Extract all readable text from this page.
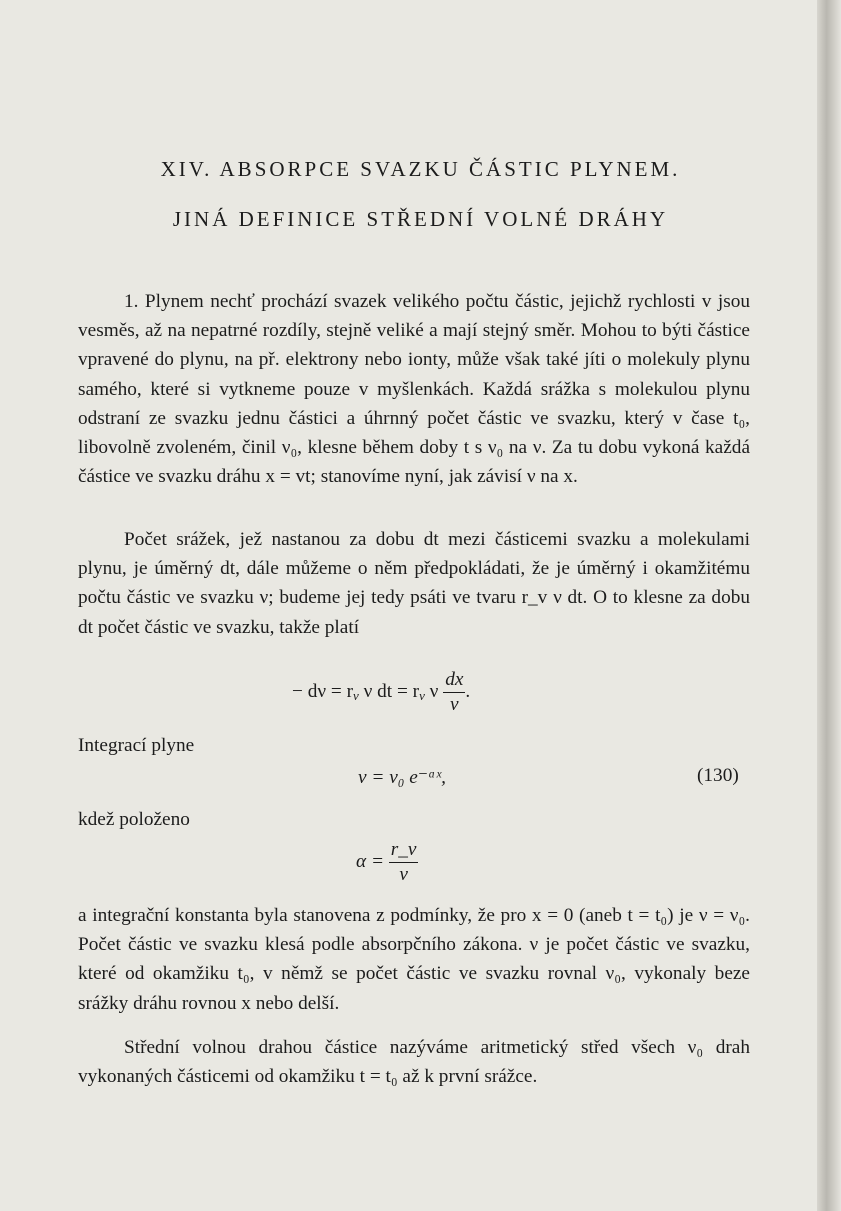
XIV. ABSORPCE SVAZKU ČÁSTIC PLYNEM.
JINÁ DEFINICE STŘEDNÍ VOLNÉ DRÁHY

1. Plynem nechť prochází svazek velikého počtu částic, jejichž rychlosti v jsou vesměs, až na nepatrné rozdíly, stejně veliké a mají stejný směr. Mohou to býti částice vpravené do plynu, na př. elektrony nebo ionty, může však také jíti o molekuly plynu samého, které si vytkneme pouze v myšlenkách. Každá srážka s molekulou plynu odstraní ze svazku jednu částici a úhrnný počet částic ve svazku, který v čase t₀, libovolně zvoleném, činil ν₀, klesne během doby t s ν₀ na ν. Za tu dobu vykoná každá částice ve svazku dráhu x = vt; stanovíme nyní, jak závisí ν na x.

Počet srážek, jež nastanou za dobu dt mezi částicemi svazku a molekulami plynu, je úměrný dt, dále můžeme o něm předpokládati, že je úměrný i okamžitému počtu částic ve svazku ν; budeme jej tedy psáti ve tvaru r_v ν dt. O to klesne za dobu dt počet částic ve svazku, takže platí

− $d\nu = r_v$ ν dt = $r_v$ ν $\frac{dx}{v}$ .
Integrací plyne
ν = ν₀ e⁻ᵅˣ,	(130)
kdež položeno
$\alpha = \frac{r\_v}{v}$

a integrační konstanta byla stanovena z podmínky, že pro x = 0 (aneb t = t₀) je ν = ν₀. Počet částic ve svazku klesá podle absorpčního zákona. ν je počet částic ve svazku, které od okamžiku t₀, v němž se počet částic ve svazku rovnal ν₀, vykonaly beze srážky dráhu rovnou x nebo delší.

Střední volnou drahou částice nazýváme aritmetický střed všech ν₀ drah vykonaných částicemi od okamžiku t = t₀ až k první srážce.
